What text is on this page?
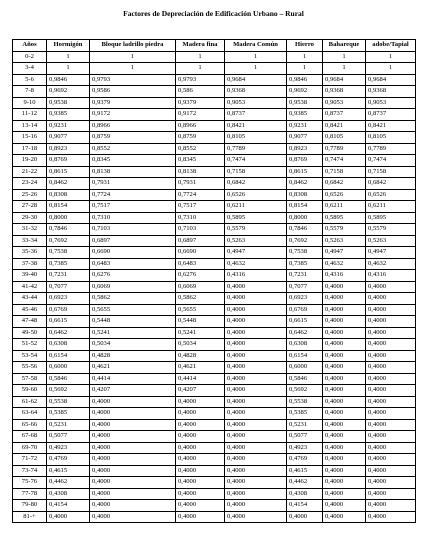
Factores de Depreciación de Edificación Urbano – Rural
Años	Hormigón	Bloque ladrillo piedra	Madera fina	Madera Común	Hierro	Bahareque	adobe/Tapial
0-2	1	1	1	1	1	1	1
3-4	1	1	1	1	1	1	1
5-6	0,9846	0,9793	0,9793	0,9684	0,9846	0,9684	0,9684
7-8	0,9692	0,9586	0,586	0,9368	0,9692	0,9368	0,9368
9-10	0,9538	0,9379	0,9379	0,9053	0,9538	0,9053	0,9053
11-12	0,9385	0,9172	0,9172	0,8737	0,9385	0,8737	0,8737
13-14	0,9231	0,8966	0,8966	0,8421	0,9231	0,8421	0,8421
15-16	0,9077	0,8759	0,8759	0,8105	0,9077	0,8105	0,8105
17-18	0,8923	0,8552	0,8552	0,7789	0,8923	0,7789	0,7789
19-20	0,8769	0,8345	0,8345	0,7474	0,8769	0,7474	0,7474
21-22	0,8615	0,8138	0,8138	0,7158	0,8615	0,7158	0,7158
23-24	0,8462	0,7931	0,7931	0,6842	0,8462	0,6842	0,6842
25-26	0,8308	0,7724	0,7724	0,6526	0,8308	0,6526	0,6526
27-28	0,8154	0,7517	0,7517	0,6211	0,8154	0,6211	0,6211
29-30	0,8000	0,7310	0,7310	0,5895	0,8000	0,5895	0,5895
31-32	0,7846	0,7103	0,7103	0,5579	0,7846	0,5579	0,5579
33-34	0,7692	0,6897	0,6897	0,5263	0,7692	0,5263	0,5263
35-36	0,7538	0,6690	0,6690	0,4947	0,7538	0,4947	0,4947
37-38	0,7385	0,6483	0,6483	0,4632	0,7385	0,4632	0,4632
39-40	0,7231	0,6276	0,6276	0,4316	0,7231	0,4316	0,4316
41-42	0,7077	0,6069	0,6069	0,4000	0,7077	0,4000	0,4000
43-44	0,6923	0,5862	0,5862	0,4000	0,6923	0,4000	0,4000
45-46	0,6769	0,5655	0,5655	0,4000	0,6769	0,4000	0,4000
47-48	0,6615	0,5448	0,5448	0,4000	0,6615	0,4000	0,4000
49-50	0,6462	0,5241	0,5241	0,4000	0,6462	0,4000	0,4000
51-52	0,6308	0,5034	0,5034	0,4000	0,6308	0,4000	0,4000
53-54	0,6154	0,4828	0,4828	0,4000	0,6154	0,4000	0,4000
55-56	0,6000	0,4621	0,4621	0,4000	0,6000	0,4000	0,4000
57-58	0,5846	0,4414	0,4414	0,4000	0,5846	0,4000	0,4000
59-60	0,5692	0,4207	0,4207	0,4000	0,5692	0,4000	0,4000
61-62	0,5538	0,4000	0,4000	0,4000	0,5538	0,4000	0,4000
63-64	0,5385	0,4000	0,4000	0,4000	0,5385	0,4000	0,4000
65-66	0,5231	0,4000	0,4000	0,4000	0,5231	0,4000	0,4000
67-68	0,5077	0,4000	0,4000	0,4000	0,5077	0,4000	0,4000
69-70	0,4923	0,4000	0,4000	0,4000	0,4923	0,4000	0,4000
71-72	0,4769	0,4000	0,4000	0,4000	0,4769	0,4000	0,4000
73-74	0,4615	0,4000	0,4000	0,4000	0,4615	0,4000	0,4000
75-76	0,4462	0,4000	0,4000	0,4000	0,4462	0,4000	0,4000
77-78	0,4308	0,4000	0,4000	0,4000	0,4308	0,4000	0,4000
79-80	0,4154	0,4000	0,4000	0,4000	0,4154	0,4000	0,4000
81-+	0,4000	0,4000	0,4000	0,4000	0,4000	0,4000	0,4000
